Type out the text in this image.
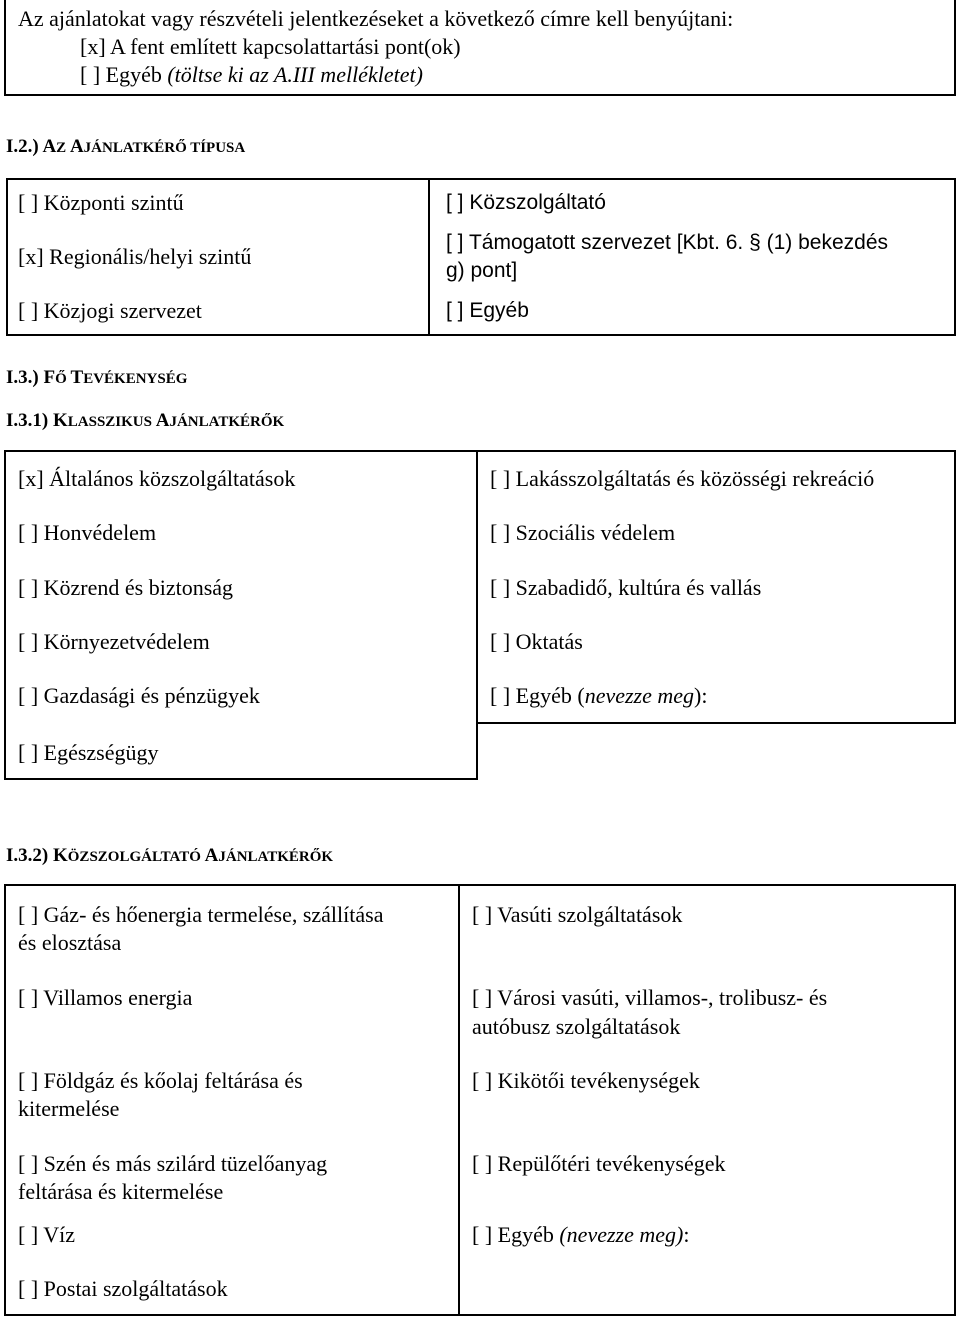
Az ajánlatokat vagy részvételi jelentkezéseket a következő címre kell benyújtani:
[x] A fent említett kapcsolattartási pont(ok)
[ ] Egyéb (töltse ki az A.III mellékletet)
I.2.) AZ AJÁNLATKÉRŐ TÍPUSA
[ ] Központi szintű
[x] Regionális/helyi szintű
[ ] Közjogi szervezet
[ ] Közszolgáltató
[ ] Támogatott szervezet [Kbt. 6. § (1) bekezdés
g) pont]
[ ] Egyéb
I.3.) FŐ TEVÉKENYSÉG
I.3.1) KLASSZIKUS AJÁNLATKÉRŐK
[x] Általános közszolgáltatások
[ ] Honvédelem
[ ] Közrend és biztonság
[ ] Környezetvédelem
[ ] Gazdasági és pénzügyek
[ ] Egészségügy
[ ] Lakásszolgáltatás és közösségi rekreáció
[ ] Szociális védelem
[ ] Szabadidő, kultúra és vallás
[ ] Oktatás
[ ] Egyéb (nevezze meg):
I.3.2) KÖZSZOLGÁLTATÓ AJÁNLATKÉRŐK
[ ] Gáz- és hőenergia termelése, szállítása
és elosztása
[ ] Villamos energia
[ ] Földgáz és kőolaj feltárása és
kitermelése
[ ] Szén és más szilárd tüzelőanyag
feltárása és kitermelése
[ ] Víz
[ ] Postai szolgáltatások
[ ] Vasúti szolgáltatások
[ ] Városi vasúti, villamos-, trolibusz- és
autóbusz szolgáltatások
[ ] Kikötői tevékenységek
[ ] Repülőtéri tevékenységek
[ ] Egyéb (nevezze meg):
